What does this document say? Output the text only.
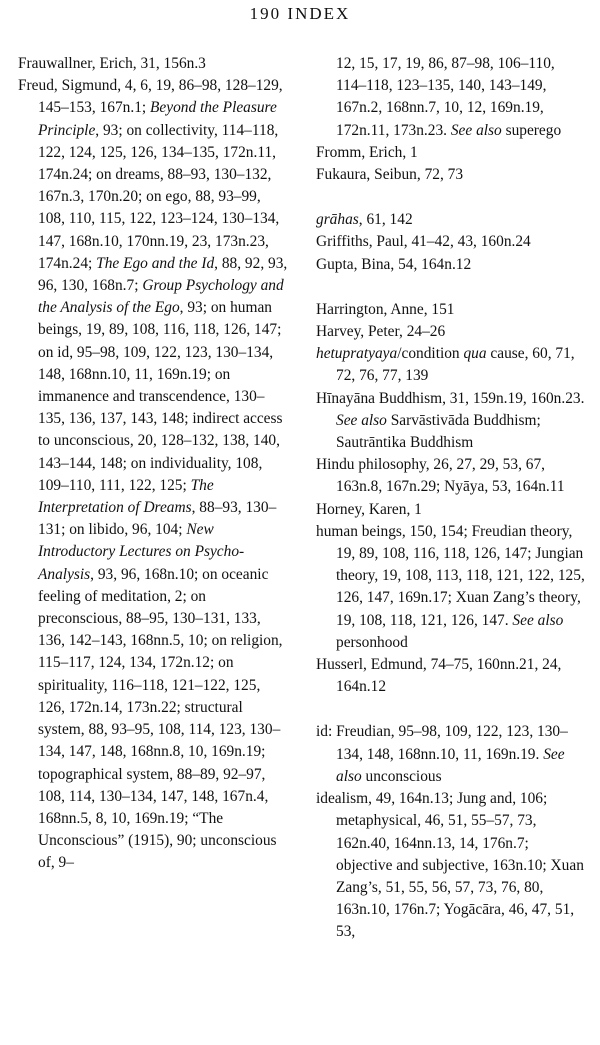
190 INDEX
Frauwallner, Erich, 31, 156n.3
Freud, Sigmund, 4, 6, 19, 86–98, 128–129, 145–153, 167n.1; Beyond the Pleasure Principle, 93; on collectivity, 114–118, 122, 124, 125, 126, 134–135, 172n.11, 174n.24; on dreams, 88–93, 130–132, 167n.3, 170n.20; on ego, 88, 93–99, 108, 110, 115, 122, 123–124, 130–134, 147, 168n.10, 170nn.19, 23, 173n.23, 174n.24; The Ego and the Id, 88, 92, 93, 96, 130, 168n.7; Group Psychology and the Analysis of the Ego, 93; on human beings, 19, 89, 108, 116, 118, 126, 147; on id, 95–98, 109, 122, 123, 130–134, 148, 168nn.10, 11, 169n.19; on immanence and transcendence, 130–135, 136, 137, 143, 148; indirect access to unconscious, 20, 128–132, 138, 140, 143–144, 148; on individuality, 108, 109–110, 111, 122, 125; The Interpretation of Dreams, 88–93, 130–131; on libido, 96, 104; New Introductory Lectures on Psycho-Analysis, 93, 96, 168n.10; on oceanic feeling of meditation, 2; on preconscious, 88–95, 130–131, 133, 136, 142–143, 168nn.5, 10; on religion, 115–117, 124, 134, 172n.12; on spirituality, 116–118, 121–122, 125, 126, 172n.14, 173n.22; structural system, 88, 93–95, 108, 114, 123, 130–134, 147, 148, 168nn.8, 10, 169n.19; topographical system, 88–89, 92–97, 108, 114, 130–134, 147, 148, 167n.4, 168nn.5, 8, 10, 169n.19; “The Unconscious” (1915), 90; unconscious of, 9–
12, 15, 17, 19, 86, 87–98, 106–110, 114–118, 123–135, 140, 143–149, 167n.2, 168nn.7, 10, 12, 169n.19, 172n.11, 173n.23. See also superego
Fromm, Erich, 1
Fukaura, Seibun, 72, 73
grāhas, 61, 142
Griffiths, Paul, 41–42, 43, 160n.24
Gupta, Bina, 54, 164n.12
Harrington, Anne, 151
Harvey, Peter, 24–26
hetupratyaya/condition qua cause, 60, 71, 72, 76, 77, 139
Hīnayāna Buddhism, 31, 159n.19, 160n.23. See also Sarvāstivāda Buddhism; Sautrāntika Buddhism
Hindu philosophy, 26, 27, 29, 53, 67, 163n.8, 167n.29; Nyāya, 53, 164n.11
Horney, Karen, 1
human beings, 150, 154; Freudian theory, 19, 89, 108, 116, 118, 126, 147; Jungian theory, 19, 108, 113, 118, 121, 122, 125, 126, 147, 169n.17; Xuan Zang’s theory, 19, 108, 118, 121, 126, 147. See also personhood
Husserl, Edmund, 74–75, 160nn.21, 24, 164n.12
id: Freudian, 95–98, 109, 122, 123, 130–134, 148, 168nn.10, 11, 169n.19. See also unconscious
idealism, 49, 164n.13; Jung and, 106; metaphysical, 46, 51, 55–57, 73, 162n.40, 164nn.13, 14, 176n.7; objective and subjective, 163n.10; Xuan Zang’s, 51, 55, 56, 57, 73, 76, 80, 163n.10, 176n.7; Yogācāra, 46, 47, 51, 53,
